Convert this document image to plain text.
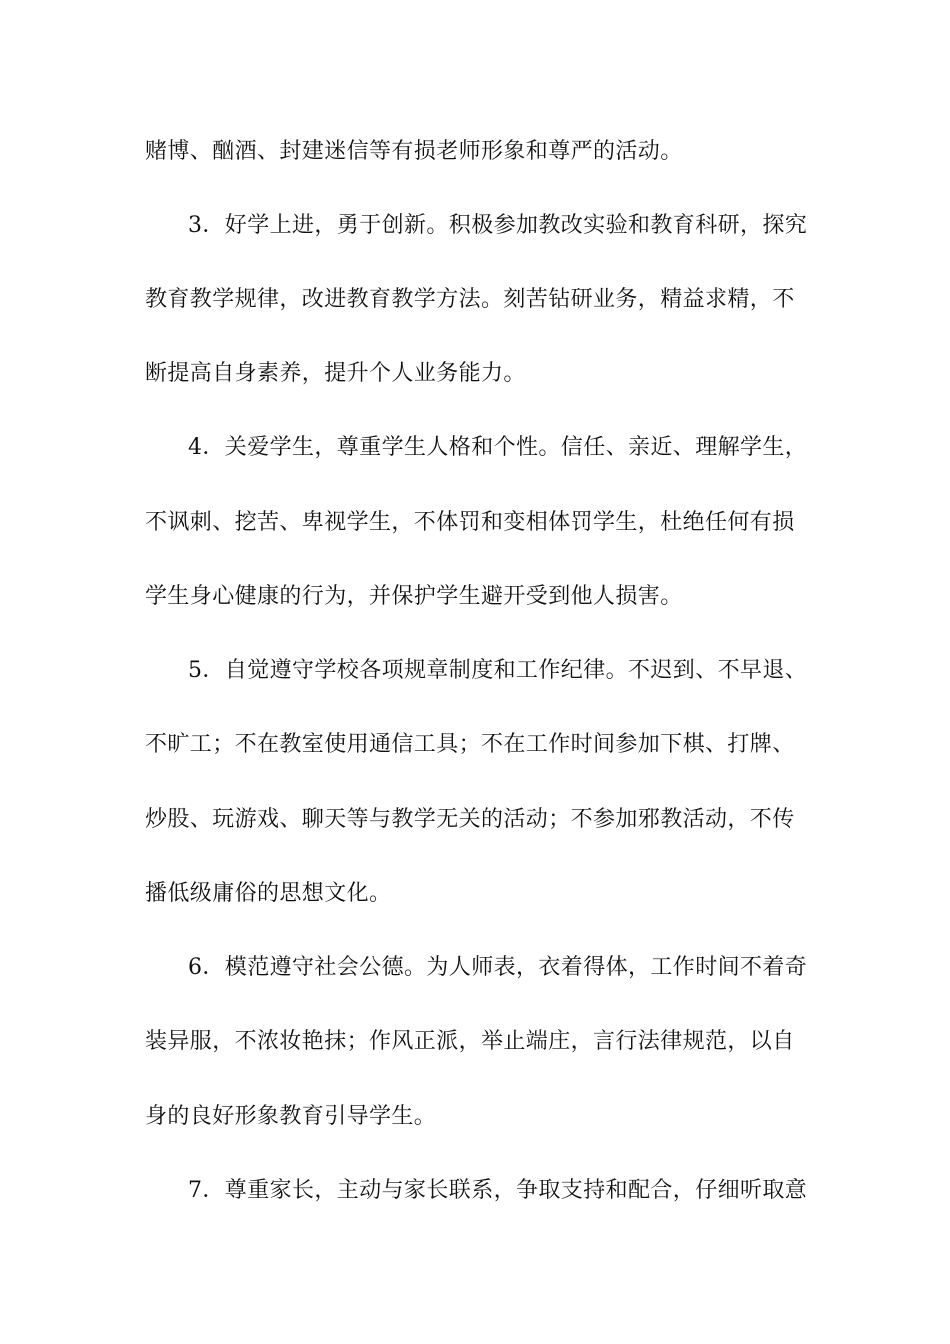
赌博、酗酒、封建迷信等有损老师形象和尊严的活动。
3．好学上进，勇于创新。积极参加教改实验和教育科研，探究
教育教学规律，改进教育教学方法。刻苦钻研业务，精益求精，不
断提高自身素养，提升个人业务能力。
4．关爱学生，尊重学生人格和个性。信任、亲近、理解学生，
不讽刺、挖苦、卑视学生，不体罚和变相体罚学生，杜绝任何有损
学生身心健康的行为，并保护学生避开受到他人损害。
5．自觉遵守学校各项规章制度和工作纪律。不迟到、不早退、
不旷工；不在教室使用通信工具；不在工作时间参加下棋、打牌、
炒股、玩游戏、聊天等与教学无关的活动；不参加邪教活动，不传
播低级庸俗的思想文化。
6．模范遵守社会公德。为人师表，衣着得体，工作时间不着奇
装异服，不浓妆艳抹；作风正派，举止端庄，言行法律规范，以自
身的良好形象教育引导学生。
7．尊重家长，主动与家长联系，争取支持和配合，仔细听取意
